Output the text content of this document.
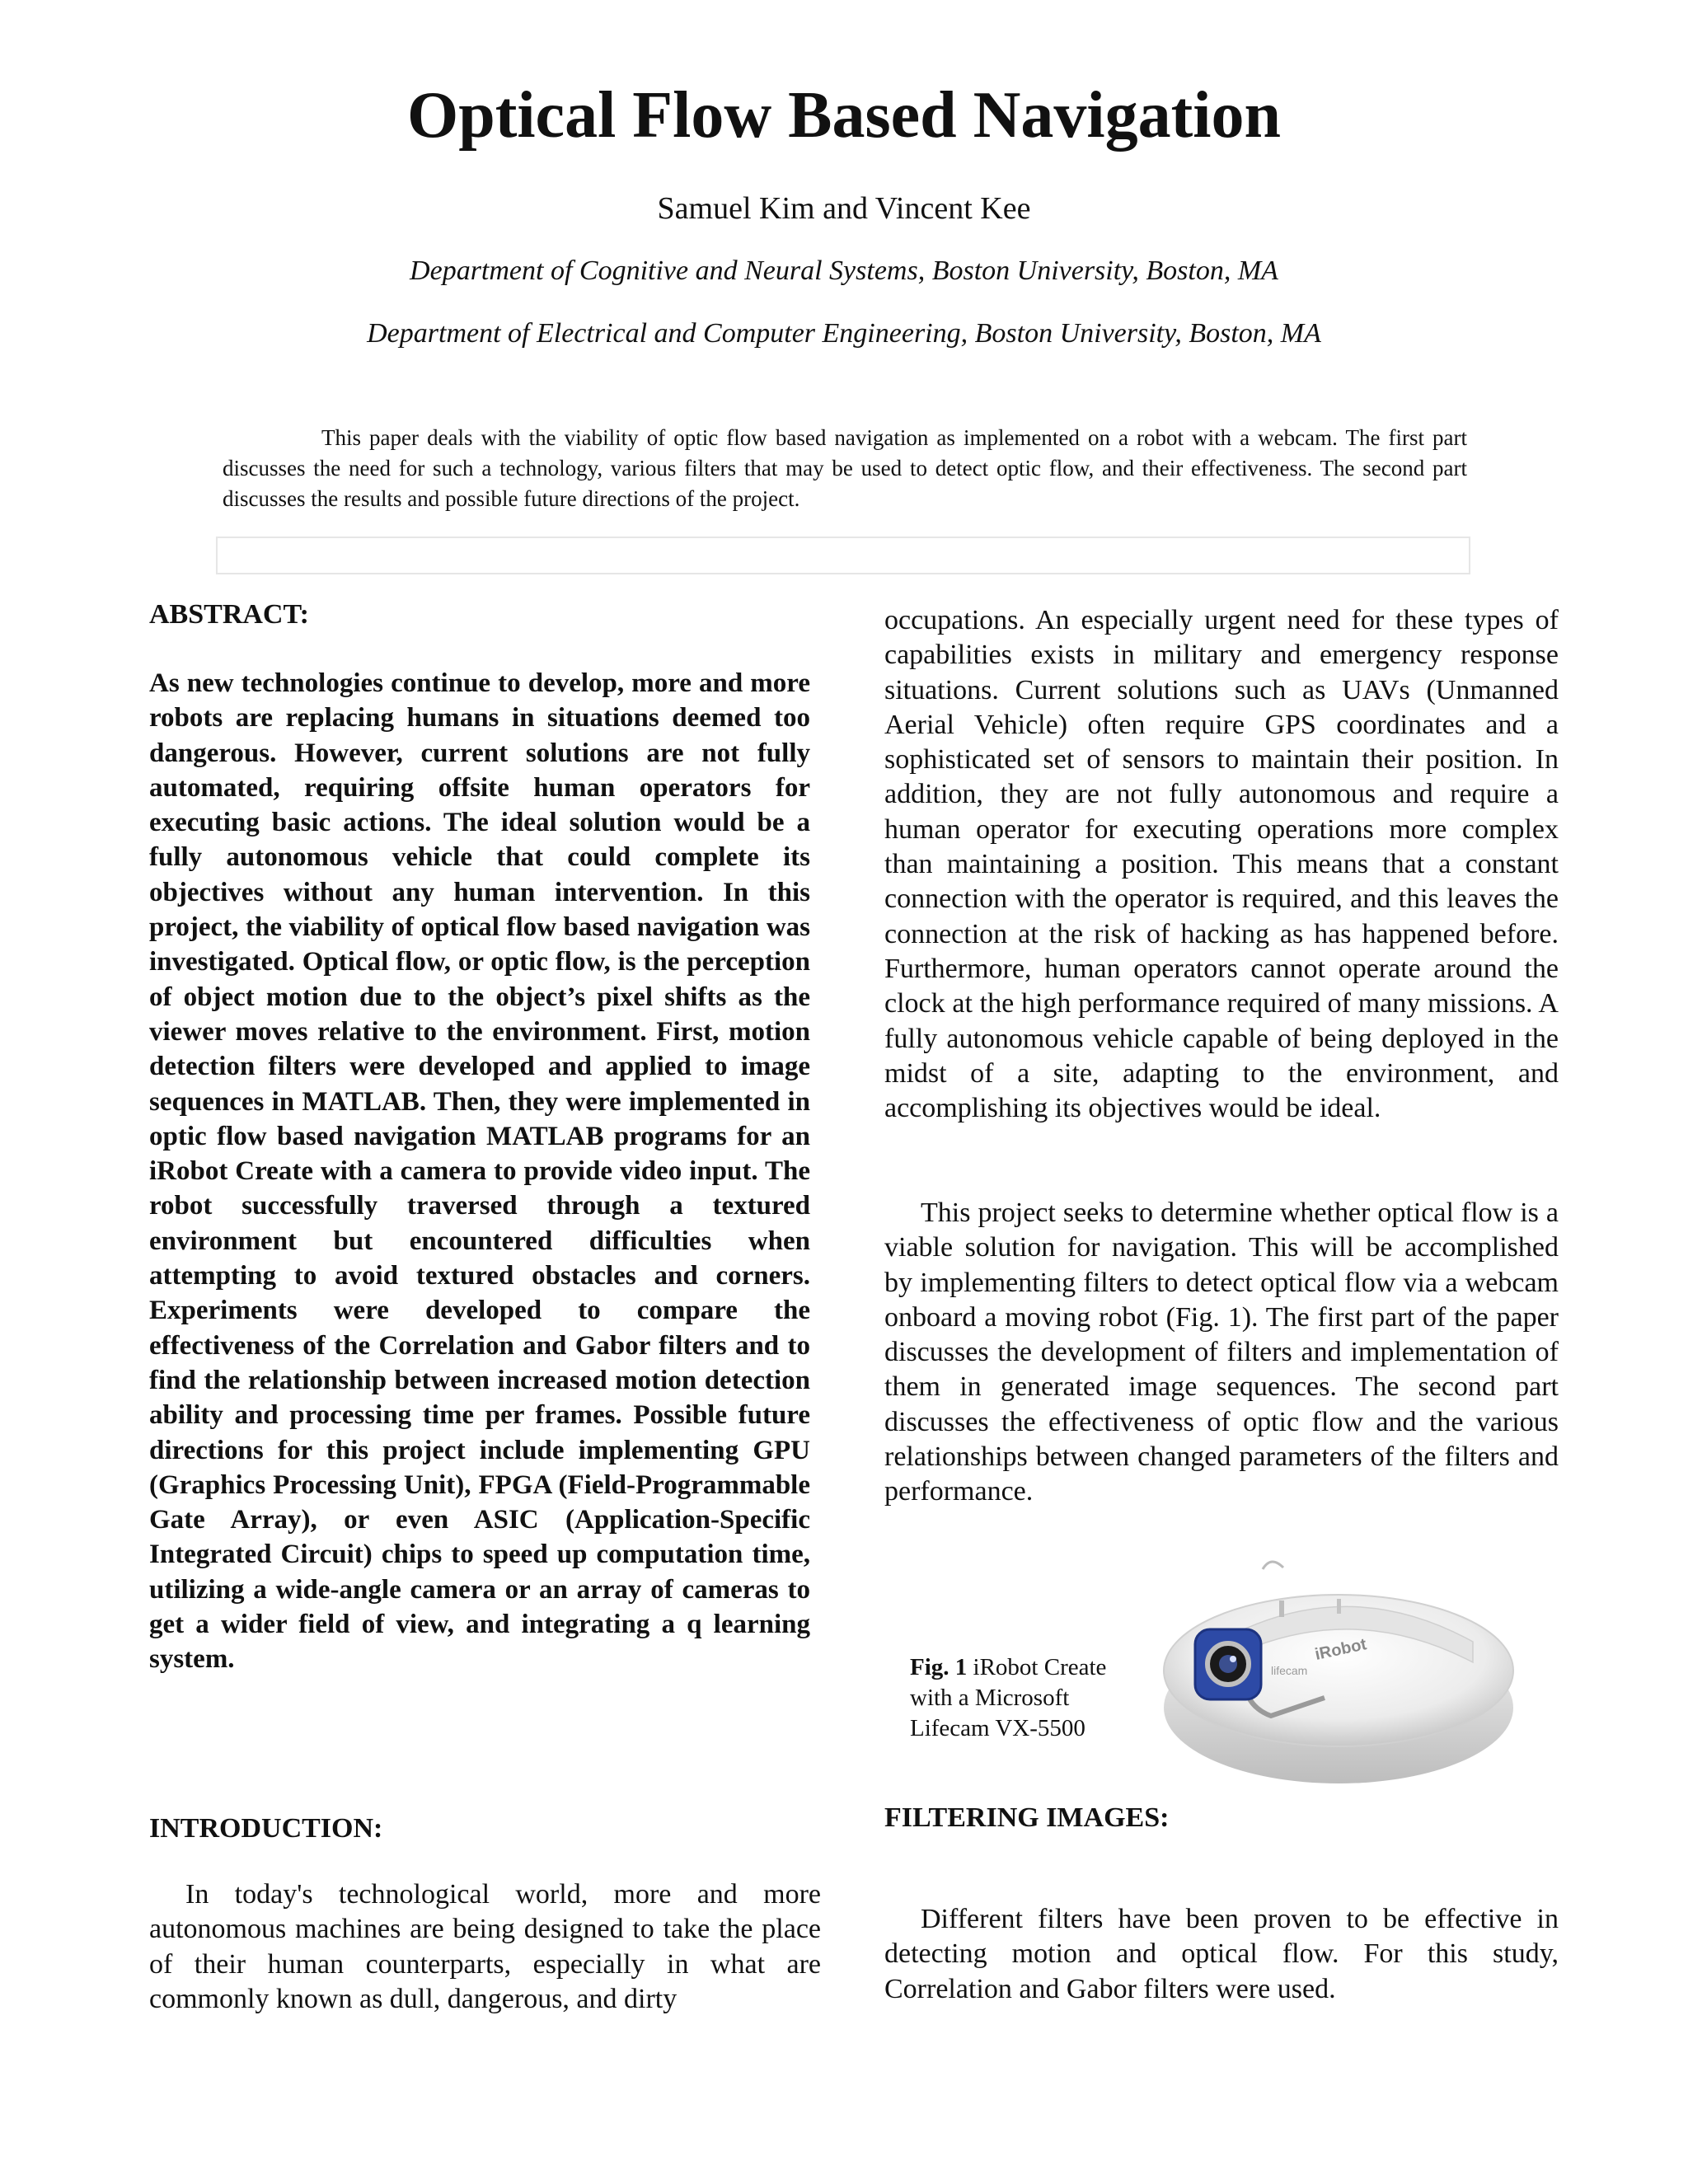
Optical Flow Based Navigation
Samuel Kim and Vincent Kee
Department of Cognitive and Neural Systems, Boston University, Boston, MA
Department of Electrical and Computer Engineering, Boston University, Boston, MA

This paper deals with the viability of optic flow based navigation as implemented on a robot with a webcam. The first part discusses the need for such a technology, various filters that may be used to detect optic flow, and their effectiveness. The second part discusses the results and possible future directions of the project.

ABSTRACT:

As new technologies continue to develop, more and more robots are replacing humans in situations deemed too dangerous. However, current solutions are not fully automated, requiring offsite human operators for executing basic actions. The ideal solution would be a fully autonomous vehicle that could complete its objectives without any human intervention. In this project, the viability of optical flow based navigation was investigated. Optical flow, or optic flow, is the perception of object motion due to the object’s pixel shifts as the viewer moves relative to the environment. First, motion detection filters were developed and applied to image sequences in MATLAB. Then, they were implemented in optic flow based navigation MATLAB programs for an iRobot Create with a camera to provide video input. The robot successfully traversed through a textured environment but encountered difficulties when attempting to avoid textured obstacles and corners. Experiments were developed to compare the effectiveness of the Correlation and Gabor filters and to find the relationship between increased motion detection ability and processing time per frames. Possible future directions for this project include implementing GPU (Graphics Processing Unit), FPGA (Field-Programmable Gate Array), or even ASIC (Application-Specific Integrated Circuit) chips to speed up computation time, utilizing a wide-angle camera or an array of cameras to get a wider field of view, and integrating a q learning system.

INTRODUCTION:

In today's technological world, more and more autonomous machines are being designed to take the place of their human counterparts, especially in what are commonly known as dull, dangerous, and dirty

occupations. An especially urgent need for these types of capabilities exists in military and emergency response situations. Current solutions such as UAVs (Unmanned Aerial Vehicle) often require GPS coordinates and a sophisticated set of sensors to maintain their position. In addition, they are not fully autonomous and require a human operator for executing operations more complex than maintaining a position. This means that a constant connection with the operator is required, and this leaves the connection at the risk of hacking as has happened before. Furthermore, human operators cannot operate around the clock at the high performance required of many missions. A fully autonomous vehicle capable of being deployed in the midst of a site, adapting to the environment, and accomplishing its objectives would be ideal.

This project seeks to determine whether optical flow is a viable solution for navigation. This will be accomplished by implementing filters to detect optical flow via a webcam onboard a moving robot (Fig. 1). The first part of the paper discusses the development of filters and implementation of them in generated image sequences. The second part discusses the effectiveness of optic flow and the various relationships between changed parameters of the filters and performance.

Fig. 1 iRobot Create with a Microsoft Lifecam VX-5500

iRobot
lifecam
FILTERING IMAGES:

Different filters have been proven to be effective in detecting motion and optical flow. For this study, Correlation and Gabor filters were used.
